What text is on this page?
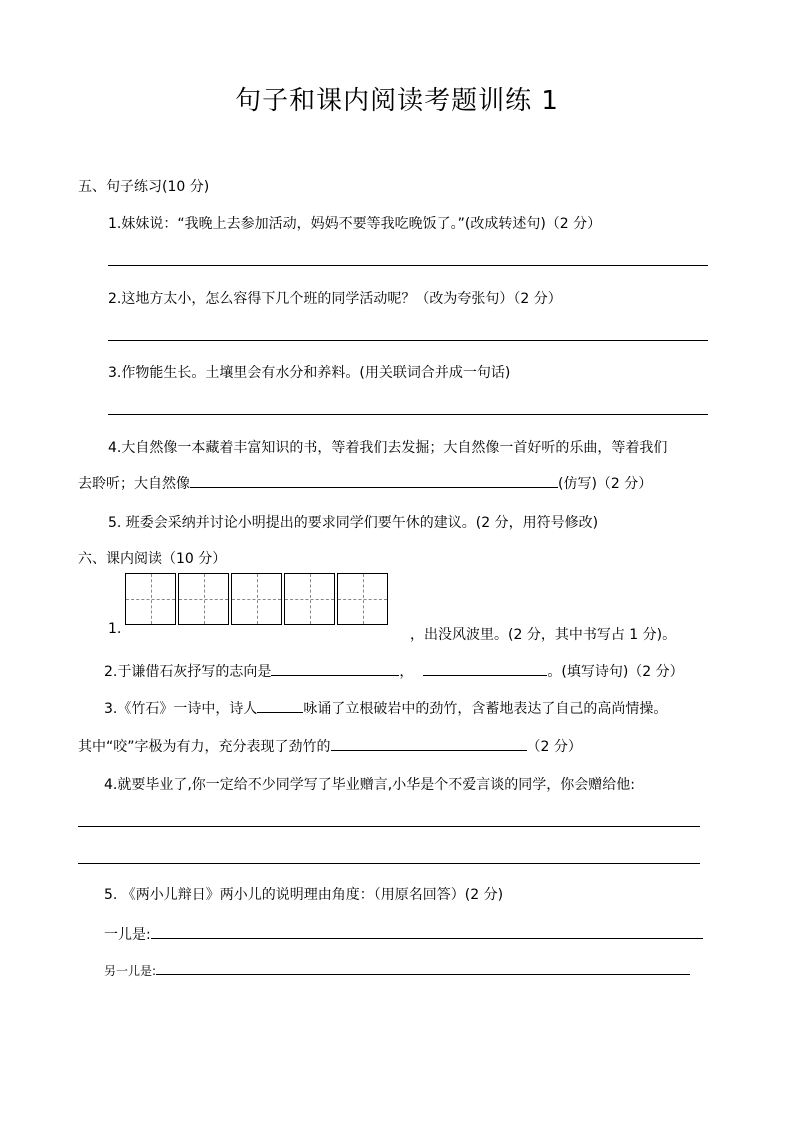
句子和课内阅读考题训练 1
五、句子练习(10 分)
1.妹妹说：“我晚上去参加活动，妈妈不要等我吃晚饭了。”(改成转述句)（2 分）
2.这地方太小，怎么容得下几个班的同学活动呢？（改为夸张句）（2 分）
3.作物能生长。土壤里会有水分和养料。(用关联词合并成一句话)
4.大自然像一本藏着丰富知识的书，等着我们去发掘；大自然像一首好听的乐曲，等着我们
去聆听；大自然像	(仿写)（2 分）
5. 班委会采纳并讨论小明提出的要求同学们要午休的建议。(2 分，用符号修改)
六、课内阅读（10 分）
1.	，出没风波里。(2 分，其中书写占 1 分)。
2.于谦借石灰抒写的志向是	，	。(填写诗句)（2 分）
3.《竹石》一诗中，诗人	咏诵了立根破岩中的劲竹，含蓄地表达了自己的高尚情操。
其中“咬”字极为有力，充分表现了劲竹的	（2 分）
4.就要毕业了,你一定给不少同学写了毕业赠言,小华是个不爱言谈的同学，你会赠给他:
5. 《两小儿辩日》两小儿的说明理由角度：（用原名回答）(2 分)
一儿是:
另一儿是:
